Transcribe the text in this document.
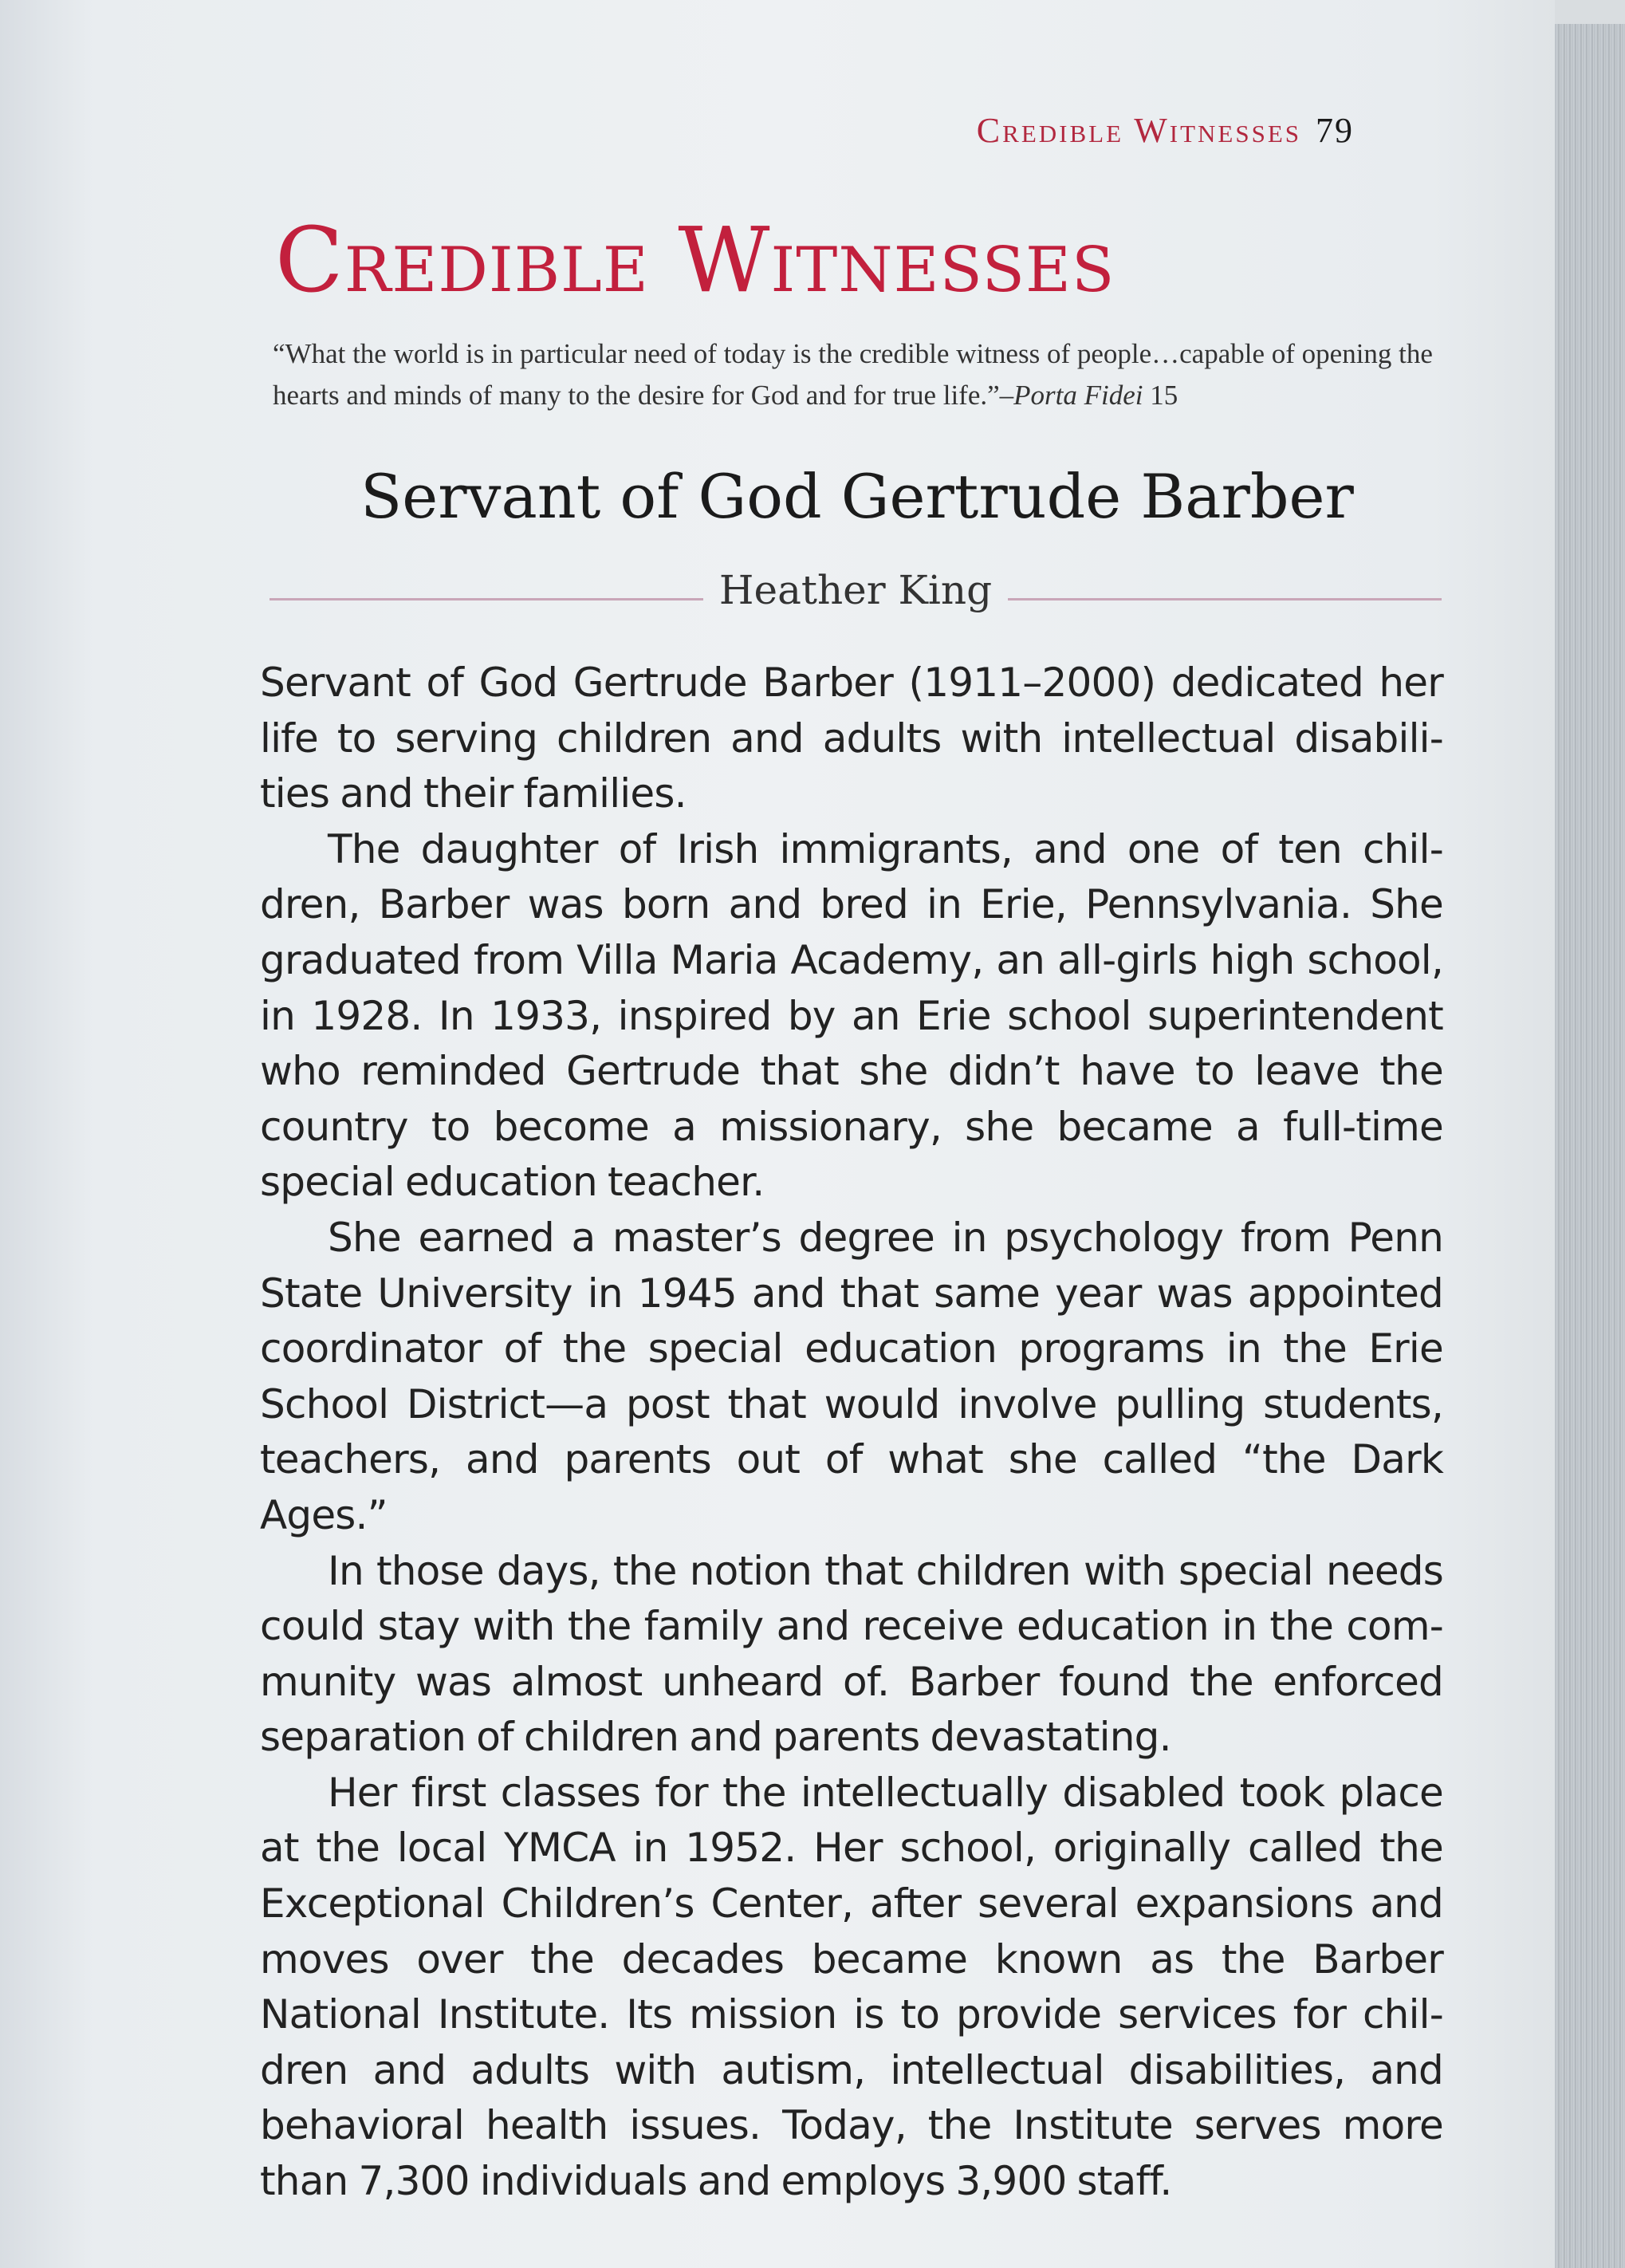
Credible Witnesses 79
Credible Witnesses
“What the world is in particular need of today is the credible witness of people…capable of opening the hearts and minds of many to the desire for God and for true life.”–Porta Fidei 15
Servant of God Gertrude Barber
Heather King

Servant of God Gertrude Barber (1911–2000) dedicated her life to serving children and adults with intellectual disabili-ties and their families.

The daughter of Irish immigrants, and one of ten chil-dren, Barber was born and bred in Erie, Pennsylvania. She graduated from Villa Maria Academy, an all-girls high school, in 1928. In 1933, inspired by an Erie school superintendent who reminded Gertrude that she didn’t have to leave the country to become a missionary, she became a full-time special education teacher.

She earned a master’s degree in psychology from Penn State University in 1945 and that same year was appointed coordinator of the special education programs in the Erie School District—a post that would involve pulling students, teachers, and parents out of what she called “the Dark Ages.”

In those days, the notion that children with special needs could stay with the family and receive education in the com-munity was almost unheard of. Barber found the enforced separation of children and parents devastating.

Her first classes for the intellectually disabled took place at the local YMCA in 1952. Her school, originally called the Exceptional Children’s Center, after several expansions and moves over the decades became known as the Barber National Institute. Its mission is to provide services for chil-dren and adults with autism, intellectual disabilities, and behavioral health issues. Today, the Institute serves more than 7,300 individuals and employs 3,900 staff.
